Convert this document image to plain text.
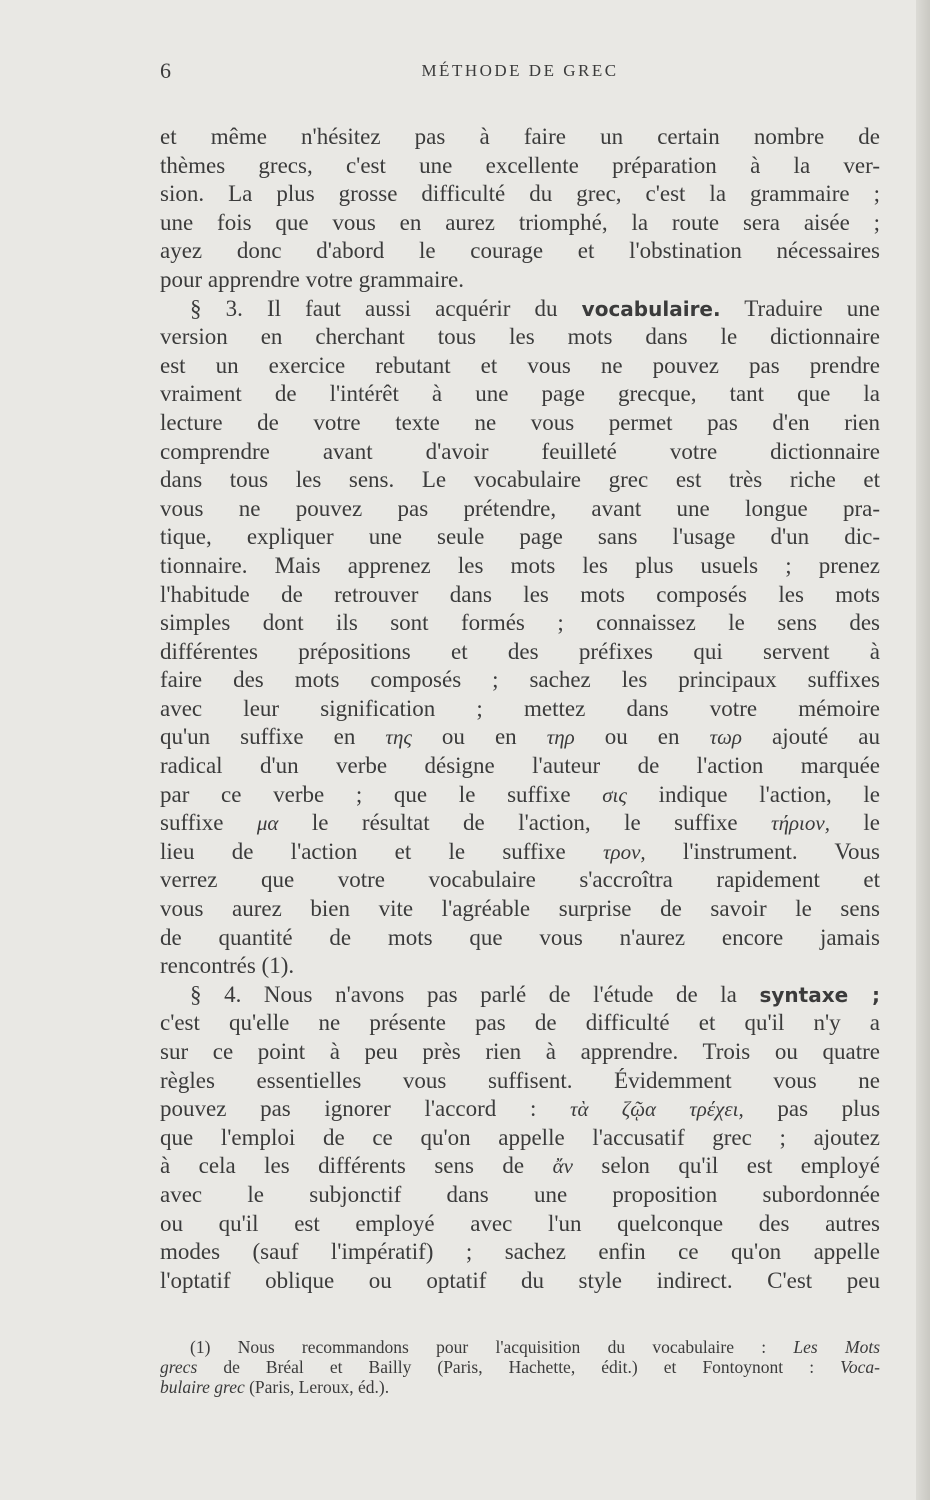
6	MÉTHODE DE GREC
et même n'hésitez pas à faire un certain nombre de
thèmes grecs, c'est une excellente préparation à la ver-
sion. La plus grosse difficulté du grec, c'est la grammaire ;
une fois que vous en aurez triomphé, la route sera aisée ;
ayez donc d'abord le courage et l'obstination nécessaires
pour apprendre votre grammaire.
§ 3. Il faut aussi acquérir du vocabulaire. Traduire une
version en cherchant tous les mots dans le dictionnaire
est un exercice rebutant et vous ne pouvez pas prendre
vraiment de l'intérêt à une page grecque, tant que la
lecture de votre texte ne vous permet pas d'en rien
comprendre avant d'avoir feuilleté votre dictionnaire
dans tous les sens. Le vocabulaire grec est très riche et
vous ne pouvez pas prétendre, avant une longue pra-
tique, expliquer une seule page sans l'usage d'un dic-
tionnaire. Mais apprenez les mots les plus usuels ; prenez
l'habitude de retrouver dans les mots composés les mots
simples dont ils sont formés ; connaissez le sens des
différentes prépositions et des préfixes qui servent à
faire des mots composés ; sachez les principaux suffixes
avec leur signification ; mettez dans votre mémoire
qu'un suffixe en της ou en τηρ ou en τωρ ajouté au
radical d'un verbe désigne l'auteur de l'action marquée
par ce verbe ; que le suffixe σις indique l'action, le
suffixe μα le résultat de l'action, le suffixe τήριον, le
lieu de l'action et le suffixe τρον, l'instrument. Vous
verrez que votre vocabulaire s'accroîtra rapidement et
vous aurez bien vite l'agréable surprise de savoir le sens
de quantité de mots que vous n'aurez encore jamais
rencontrés (1).
§ 4. Nous n'avons pas parlé de l'étude de la syntaxe ;
c'est qu'elle ne présente pas de difficulté et qu'il n'y a
sur ce point à peu près rien à apprendre. Trois ou quatre
règles essentielles vous suffisent. Évidemment vous ne
pouvez pas ignorer l'accord : τὰ ζῷα τρέχει, pas plus
que l'emploi de ce qu'on appelle l'accusatif grec ; ajoutez
à cela les différents sens de ἄν selon qu'il est employé
avec le subjonctif dans une proposition subordonnée
ou qu'il est employé avec l'un quelconque des autres
modes (sauf l'impératif) ; sachez enfin ce qu'on appelle
l'optatif oblique ou optatif du style indirect. C'est peu
(1) Nous recommandons pour l'acquisition du vocabulaire : Les Mots
grecs de Bréal et Bailly (Paris, Hachette, édit.) et Fontoynont : Voca-
bulaire grec (Paris, Leroux, éd.).
